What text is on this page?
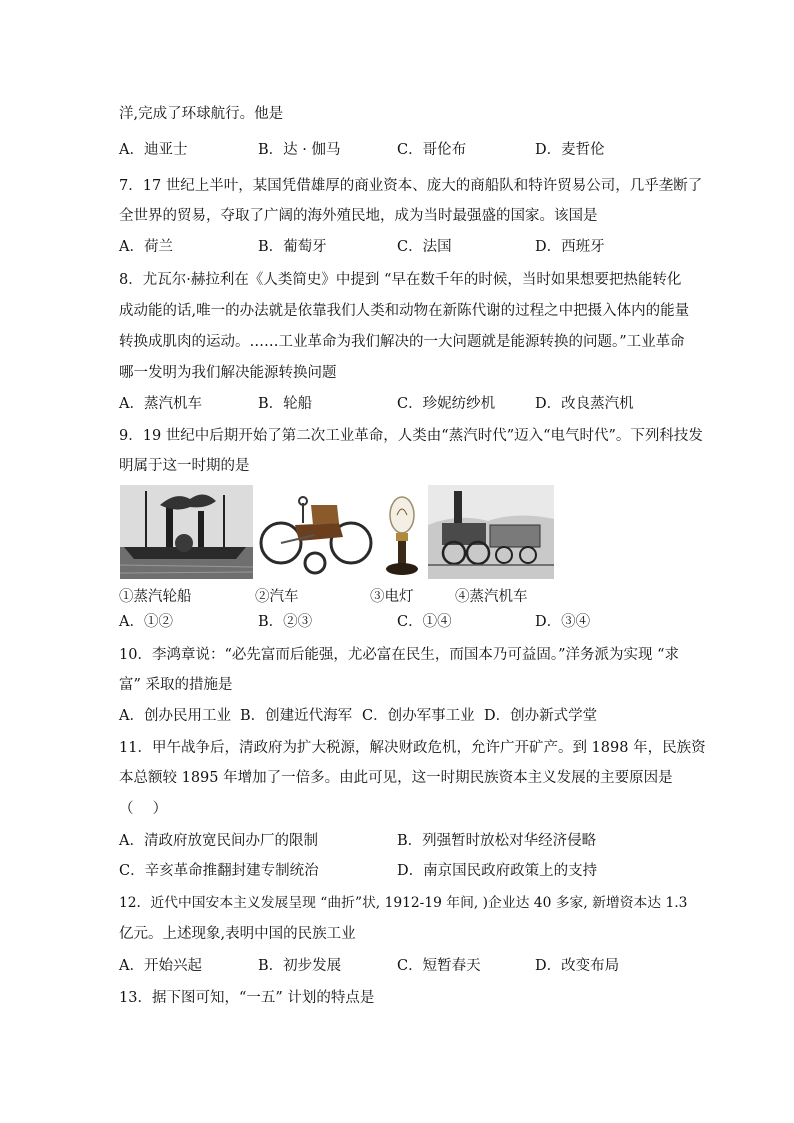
洋,完成了环球航行。他是
A．迪亚士	B．达 · 伽马	C．哥伦布	D．麦哲伦
7．17 世纪上半叶，某国凭借雄厚的商业资本、庞大的商船队和特许贸易公司，几乎垄断了
全世界的贸易，夺取了广阔的海外殖民地，成为当时最强盛的国家。该国是
A．荷兰	B．葡萄牙	C．法国	D．西班牙
8．尤瓦尔·赫拉利在《人类简史》中提到 “早在数千年的时候，当时如果想要把热能转化
成动能的话,唯一的办法就是依靠我们人类和动物在新陈代谢的过程之中把摄入体内的能量
转换成肌肉的运动。……工业革命为我们解决的一大问题就是能源转换的问题。”工业革命
哪一发明为我们解决能源转换问题
A．蒸汽机车	B．轮船	C．珍妮纺纱机	D．改良蒸汽机
9．19 世纪中后期开始了第二次工业革命，人类由“蒸汽时代”迈入“电气时代”。下列科技发
明属于这一时期的是
①蒸汽轮船	②汽车	③电灯	④蒸汽机车
A．①②	B．②③	C．①④	D．③④
10．李鸿章说：“必先富而后能强，尤必富在民生，而国本乃可益固。”洋务派为实现 “求
富” 采取的措施是
A．创办民用工业 B．创建近代海军 C．创办军事工业 D．创办新式学堂
11．甲午战争后，清政府为扩大税源，解决财政危机，允许广开矿产。到 1898 年，民族资
本总额较 1895 年增加了一倍多。由此可见，这一时期民族资本主义发展的主要原因是
（　 ）
A．清政府放宽民间办厂的限制	B．列强暂时放松对华经济侵略
C．辛亥革命推翻封建专制统治	D．南京国民政府政策上的支持
12．近代中国安本主义发展呈现 “曲折”状, 1912-19 年间, )企业达 40 多家, 新增资本达 1.3
亿元。上述现象,表明中国的民族工业
A．开始兴起	B．初步发展	C．短暂春天	D．改变布局
13．据下图可知，“一五” 计划的特点是
